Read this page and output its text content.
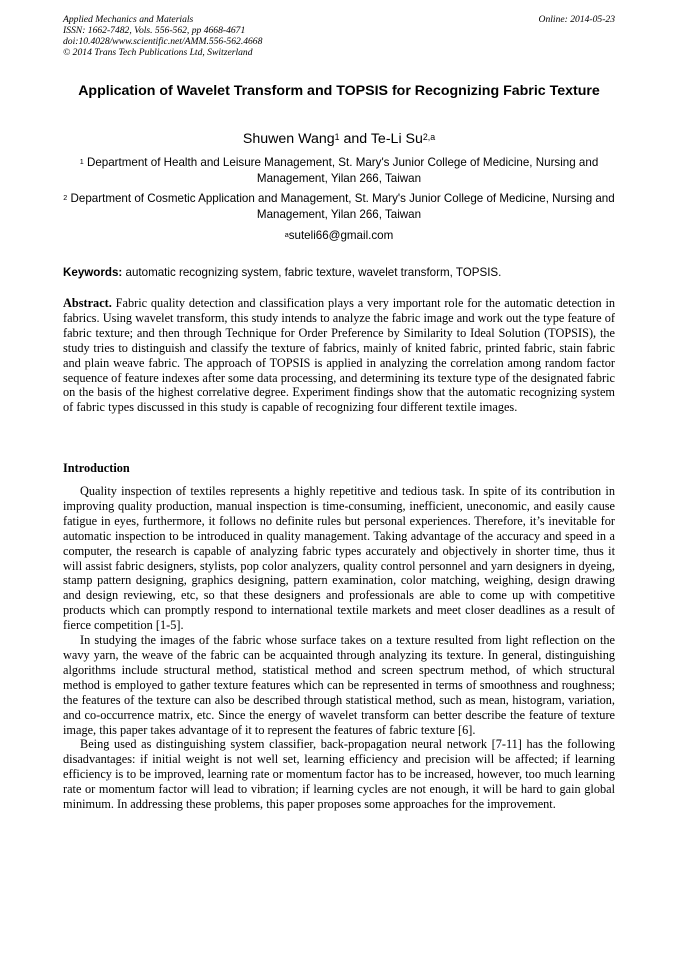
Applied Mechanics and Materials
ISSN: 1662-7482, Vols. 556-562, pp 4668-4671
doi:10.4028/www.scientific.net/AMM.556-562.4668
© 2014 Trans Tech Publications Ltd, Switzerland
Online: 2014-05-23
Application of Wavelet Transform and TOPSIS for Recognizing Fabric Texture
Shuwen Wang$^1$ and Te-Li Su$^{2,a}$
$^1$ Department of Health and Leisure Management, St. Mary's Junior College of Medicine, Nursing and Management, Yilan 266, Taiwan
$^2$ Department of Cosmetic Application and Management, St. Mary's Junior College of Medicine, Nursing and Management, Yilan 266, Taiwan
$^a$suteli66@gmail.com
Keywords: automatic recognizing system, fabric texture, wavelet transform, TOPSIS.
Abstract. Fabric quality detection and classification plays a very important role for the automatic detection in fabrics. Using wavelet transform, this study intends to analyze the fabric image and work out the type feature of fabric texture; and then through Technique for Order Preference by Similarity to Ideal Solution (TOPSIS), the study tries to distinguish and classify the texture of fabrics, mainly of knited fabric, printed fabric, stain fabric and plain weave fabric. The approach of TOPSIS is applied in analyzing the correlation among random factor sequence of feature indexes after some data processing, and determining its texture type of the designated fabric on the basis of the highest correlative degree. Experiment findings show that the automatic recognizing system of fabric types discussed in this study is capable of recognizing four different textile images.
Introduction

Quality inspection of textiles represents a highly repetitive and tedious task. In spite of its contribution in improving quality production, manual inspection is time-consuming, inefficient, uneconomic, and easily cause fatigue in eyes, furthermore, it follows no definite rules but personal experiences. Therefore, it’s inevitable for automatic inspection to be introduced in quality management. Taking advantage of the accuracy and speed in a computer, the research is capable of analyzing fabric types accurately and objectively in shorter time, thus it will assist fabric designers, stylists, pop color analyzers, quality control personnel and yarn designers in dyeing, stamp pattern designing, graphics designing, pattern examination, color matching, weighing, design drawing and design reviewing, etc, so that these designers and professionals are able to come up with competitive products which can promptly respond to international textile markets and meet closer deadlines as a result of fierce competition [1-5].

In studying the images of the fabric whose surface takes on a texture resulted from light reflection on the wavy yarn, the weave of the fabric can be acquainted through analyzing its texture. In general, distinguishing algorithms include structural method, statistical method and screen spectrum method, of which structural method is employed to gather texture features which can be represented in terms of smoothness and roughness; the features of the texture can also be described through statistical method, such as mean, histogram, variation, and co-occurrence matrix, etc. Since the energy of wavelet transform can better describe the feature of texture image, this paper takes advantage of it to represent the features of fabric texture [6].

Being used as distinguishing system classifier, back-propagation neural network [7-11] has the following disadvantages: if initial weight is not well set, learning efficiency and precision will be affected; if learning efficiency is to be improved, learning rate or momentum factor has to be increased, however, too much learning rate or momentum factor will lead to vibration; if learning cycles are not enough, it will be hard to gain global minimum. In addressing these problems, this paper proposes some approaches for the improvement.
